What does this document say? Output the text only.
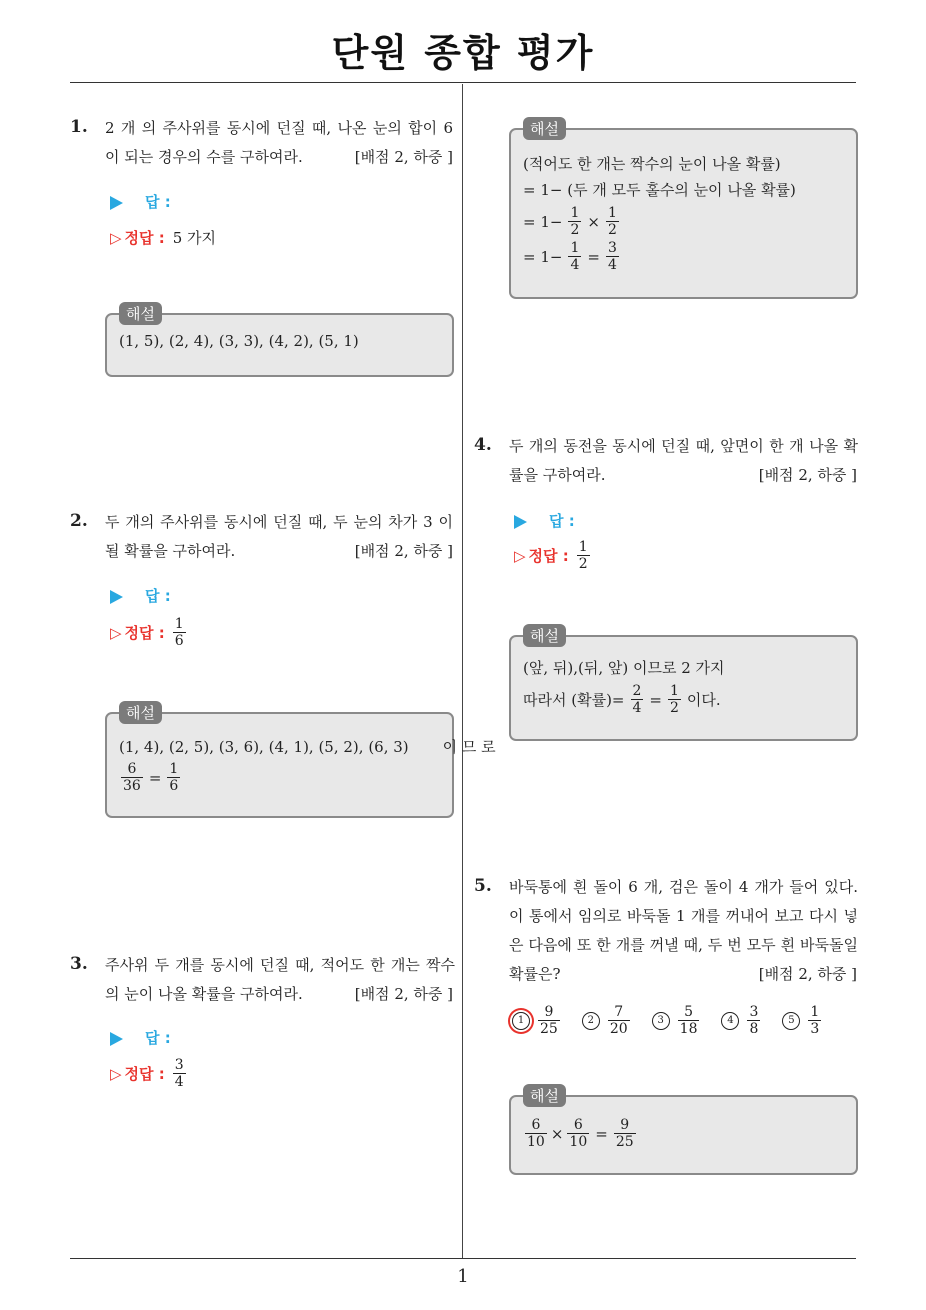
단원 종합 평가
1
1. 2 개 의 주사위를 동시에 던질 때, 나온 눈의 합이 6 이 되는 경우의 수를 구하여라.	[배점 2, 하중 ]
답 :
▷ 정답 : 5 가지
(1, 5), (2, 4), (3, 3), (4, 2), (5, 1)
해설
2. 두 개의 주사위를 동시에 던질 때, 두 눈의 차가 3 이 될 확률을 구하여라.	[배점 2, 하중 ]
답 :
▷ 정답 : $\frac{1}{6}$
(1, 4), (2, 5), (3, 6), (4, 1), (5, 2), (6, 3) 이 므 로
$\frac{6}{36} = \frac{1}{6}$
해설
3. 주사위 두 개를 동시에 던질 때, 적어도 한 개는 짝수의 눈이 나올 확률을 구하여라.	[배점 2, 하중 ]
답 :
▷ 정답 : $\frac{3}{4}$
(적어도 한 개는 짝수의 눈이 나올 확률)
= 1− (두 개 모두 홀수의 눈이 나올 확률)
= $1- \frac{1}{2} \times \frac{1}{2}$
= $1- \frac{1}{4} = \frac{3}{4}$
해설
4. 두 개의 동전을 동시에 던질 때, 앞면이 한 개 나올 확률을 구하여라.	[배점 2, 하중 ]
답 :
▷ 정답 : $\frac{1}{2}$
(앞, 뒤),(뒤, 앞) 이므로 2 가지
따라서 (확률)= $\frac{2}{4} = \frac{1}{2}$ 이다.
해설
5. 바둑통에 흰 돌이 6 개, 검은 돌이 4 개가 들어 있다. 이 통에서 임의로 바둑돌 1 개를 꺼내어 보고 다시 넣은 다음에 또 한 개를 꺼낼 때, 두 번 모두 흰 바둑돌일 확률은?	[배점 2, 하중 ]
$1 \frac{9}{25}$	$2 \frac{7}{20}$	$3 \frac{5}{18}$	$4 \frac{3}{8}$	$5 \frac{1}{3}$
$\frac{6}{10} \times \frac{6}{10} = \frac{9}{25}$
해설
